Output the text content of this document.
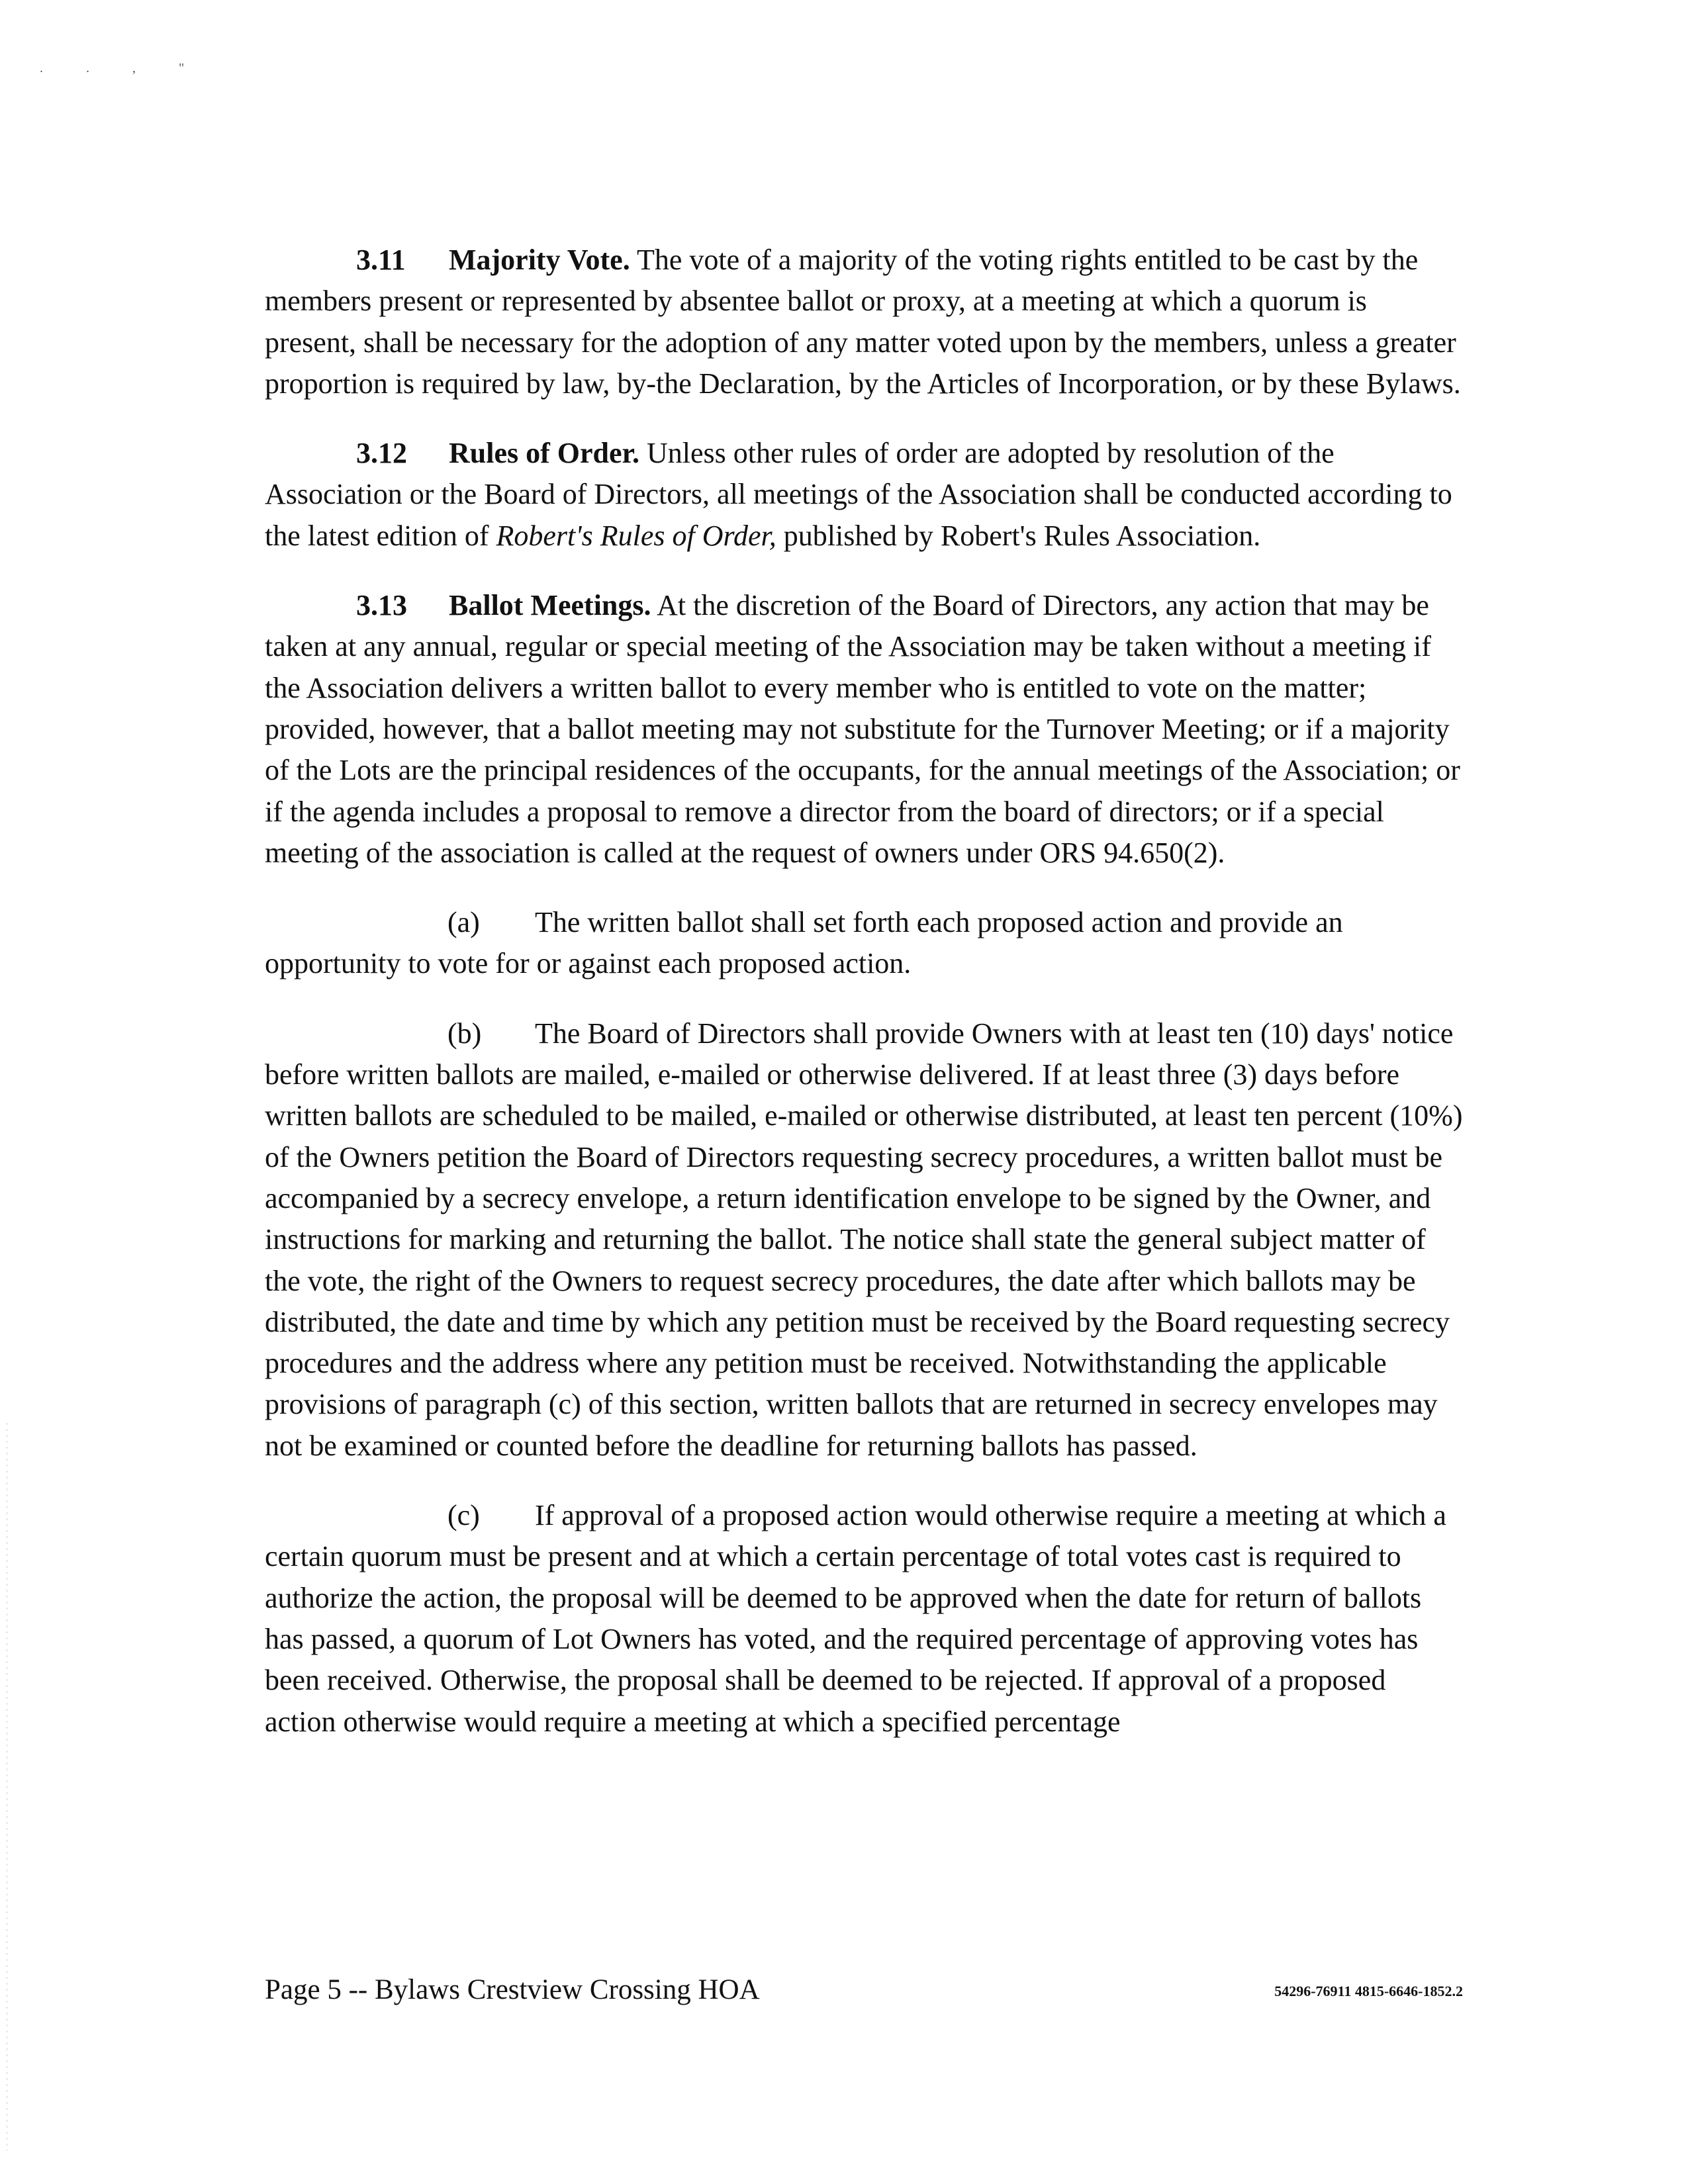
. . , "

3.11 Majority Vote. The vote of a majority of the voting rights entitled to be cast by the members present or represented by absentee ballot or proxy, at a meeting at which a quorum is present, shall be necessary for the adoption of any matter voted upon by the members, unless a greater proportion is required by law, by-the Declaration, by the Articles of Incorporation, or by these Bylaws.

3.12 Rules of Order. Unless other rules of order are adopted by resolution of the Association or the Board of Directors, all meetings of the Association shall be conducted according to the latest edition of Robert's Rules of Order, published by Robert's Rules Association.

3.13 Ballot Meetings. At the discretion of the Board of Directors, any action that may be taken at any annual, regular or special meeting of the Association may be taken without a meeting if the Association delivers a written ballot to every member who is entitled to vote on the matter; provided, however, that a ballot meeting may not substitute for the Turnover Meeting; or if a majority of the Lots are the principal residences of the occupants, for the annual meetings of the Association; or if the agenda includes a proposal to remove a director from the board of directors; or if a special meeting of the association is called at the request of owners under ORS 94.650(2).

(a) The written ballot shall set forth each proposed action and provide an opportunity to vote for or against each proposed action.

(b) The Board of Directors shall provide Owners with at least ten (10) days' notice before written ballots are mailed, e-mailed or otherwise delivered. If at least three (3) days before written ballots are scheduled to be mailed, e-mailed or otherwise distributed, at least ten percent (10%) of the Owners petition the Board of Directors requesting secrecy procedures, a written ballot must be accompanied by a secrecy envelope, a return identification envelope to be signed by the Owner, and instructions for marking and returning the ballot. The notice shall state the general subject matter of the vote, the right of the Owners to request secrecy procedures, the date after which ballots may be distributed, the date and time by which any petition must be received by the Board requesting secrecy procedures and the address where any petition must be received. Notwithstanding the applicable provisions of paragraph (c) of this section, written ballots that are returned in secrecy envelopes may not be examined or counted before the deadline for returning ballots has passed.

(c) If approval of a proposed action would otherwise require a meeting at which a certain quorum must be present and at which a certain percentage of total votes cast is required to authorize the action, the proposal will be deemed to be approved when the date for return of ballots has passed, a quorum of Lot Owners has voted, and the required percentage of approving votes has been received. Otherwise, the proposal shall be deemed to be rejected. If approval of a proposed action otherwise would require a meeting at which a specified percentage

Page 5 -- Bylaws Crestview Crossing HOA	54296-76911 4815-6646-1852.2
